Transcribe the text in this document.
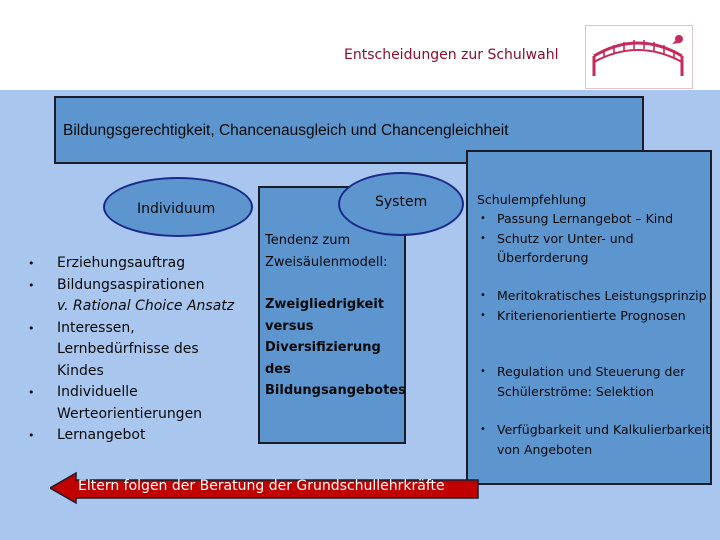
Entscheidungen zur Schulwahl
Bildungsgerechtigkeit, Chancenausgleich und Chancengleichheit
Individuum	System
• Erziehungsauftrag
• Bildungsaspirationen
v. Rational Choice Ansatz
• Interessen, Lernbedürfnisse des Kindes
• Individuelle Werteorientierungen
• Lernangebot
Tendenz zum Zweisäulenmodell:
Zweigliedrigkeit versus Diversifizierung des Bildungsangebotes
Schulempfehlung
• Passung Lernangebot – Kind
• Schutz vor Unter- und Überforderung
• Meritokratisches Leistungsprinzip
• Kriterienorientierte Prognosen
• Regulation und Steuerung der Schülerströme: Selektion
• Verfügbarkeit und Kalkulierbarkeit von Angeboten
Eltern folgen der Beratung der Grundschullehrkräfte
